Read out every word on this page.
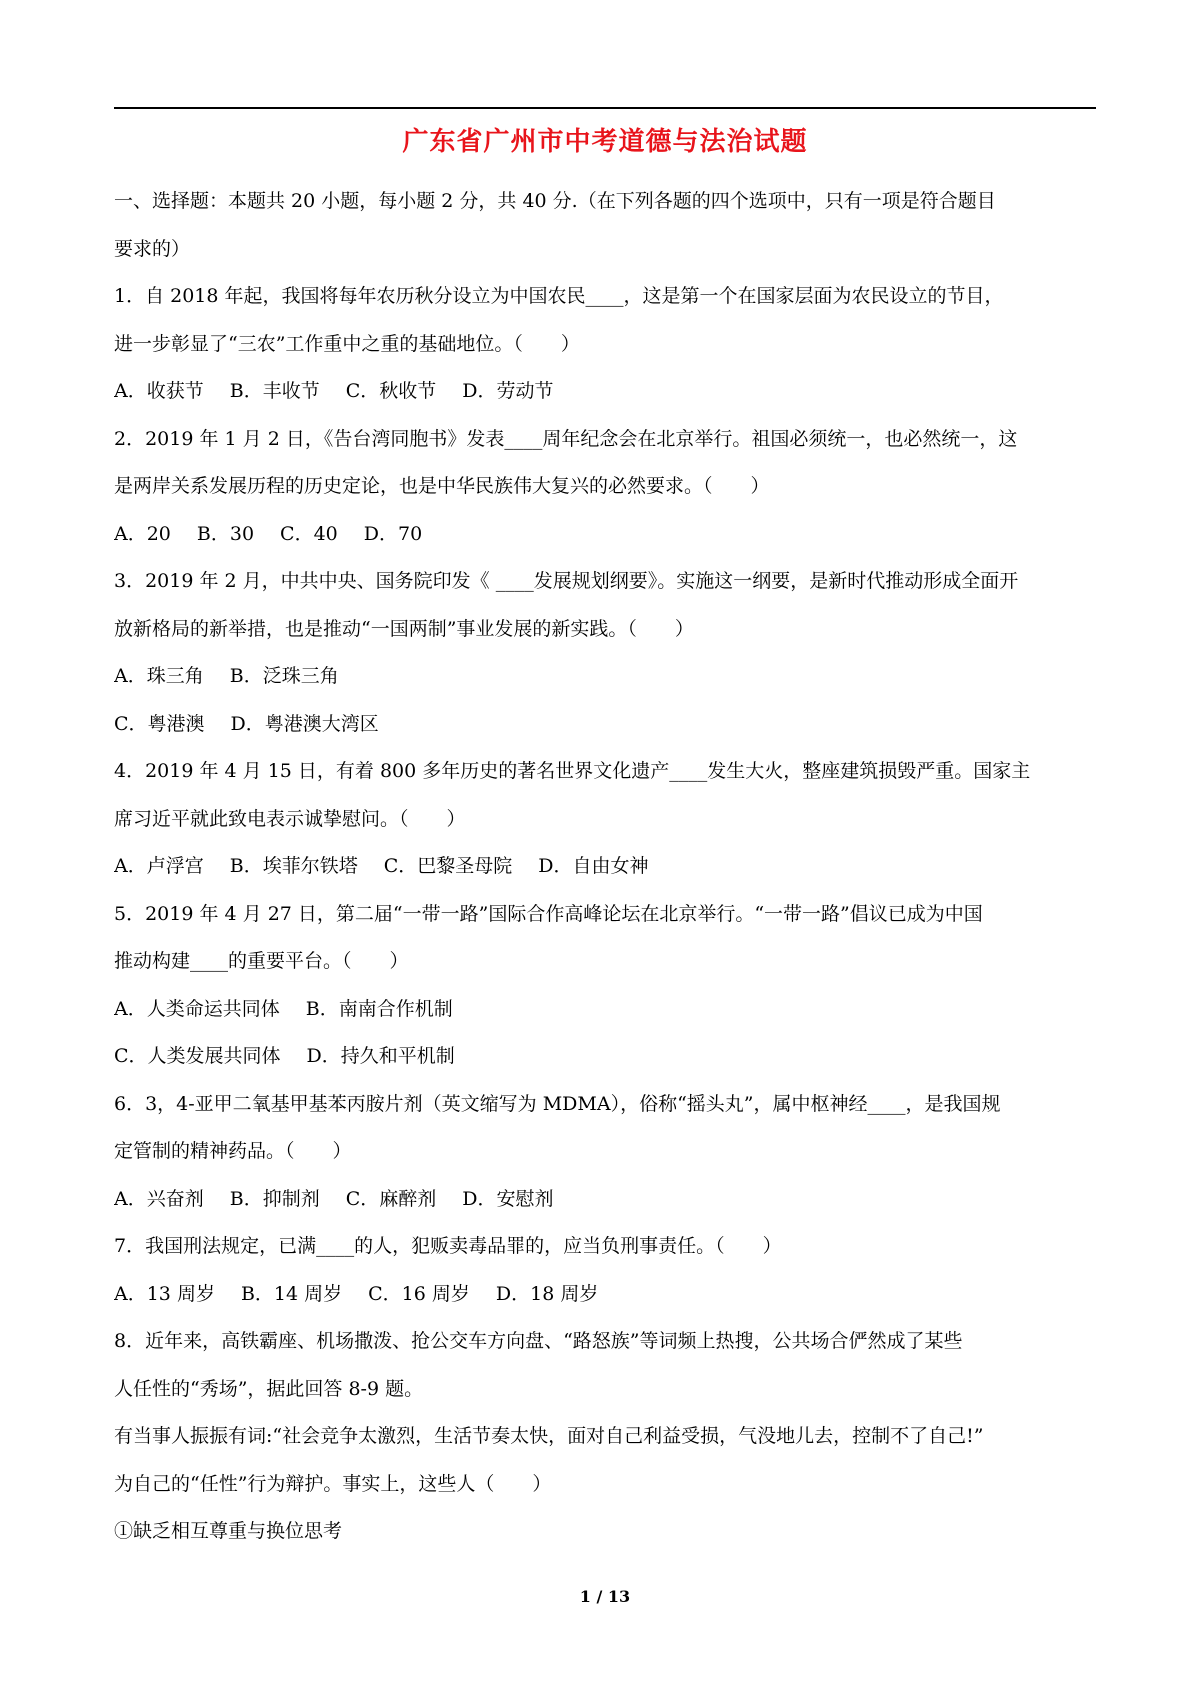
广东省广州市中考道德与法治试题

一、选择题：本题共 20 小题，每小题 2 分，共 40 分.（在下列各题的四个选项中，只有一项是符合题目

要求的）

1．自 2018 年起，我国将每年农历秋分设立为中国农民____，这是第一个在国家层面为农民设立的节目，

进一步彰显了“三农”工作重中之重的基础地位。（　　）

A．收获节 B．丰收节 C．秋收节 D．劳动节

2．2019 年 1 月 2 日，《告台湾同胞书》发表____周年纪念会在北京举行。祖国必须统一，也必然统一，这

是两岸关系发展历程的历史定论，也是中华民族伟大复兴的必然要求。（　　）

A．20 B．30 C．40 D．70

3．2019 年 2 月，中共中央、国务院印发《 ____发展规划纲要》。实施这一纲要，是新时代推动形成全面开

放新格局的新举措，也是推动“一国两制”事业发展的新实践。（　　）

A．珠三角 B．泛珠三角

C．粤港澳 D．粤港澳大湾区

4．2019 年 4 月 15 日，有着 800 多年历史的著名世界文化遗产____发生大火，整座建筑损毁严重。国家主

席习近平就此致电表示诚挚慰问。（　　）

A．卢浮宫 B．埃菲尔铁塔 C．巴黎圣母院 D．自由女神

5．2019 年 4 月 27 日，第二届“一带一路”国际合作高峰论坛在北京举行。“一带一路”倡议已成为中国

推动构建____的重要平台。（　　）

A．人类命运共同体 B．南南合作机制

C．人类发展共同体 D．持久和平机制

6．3，4-亚甲二氧基甲基苯丙胺片剂（英文缩写为 MDMA），俗称“摇头丸”，属中枢神经____，是我国规

定管制的精神药品。（　　）

A．兴奋剂 B．抑制剂 C．麻醉剂 D．安慰剂

7．我国刑法规定，已满____的人，犯贩卖毒品罪的，应当负刑事责任。（　　）

A．13 周岁 B．14 周岁 C．16 周岁 D．18 周岁

8．近年来，高铁霸座、机场撒泼、抢公交车方向盘、“路怒族”等词频上热搜，公共场合俨然成了某些

人任性的“秀场”，据此回答 8-9 题。

有当事人振振有词:“社会竞争太激烈，生活节奏太快，面对自己利益受损，气没地儿去，控制不了自己!”

为自己的“任性”行为辩护。事实上，这些人（　　）

①缺乏相互尊重与换位思考

1 / 13
